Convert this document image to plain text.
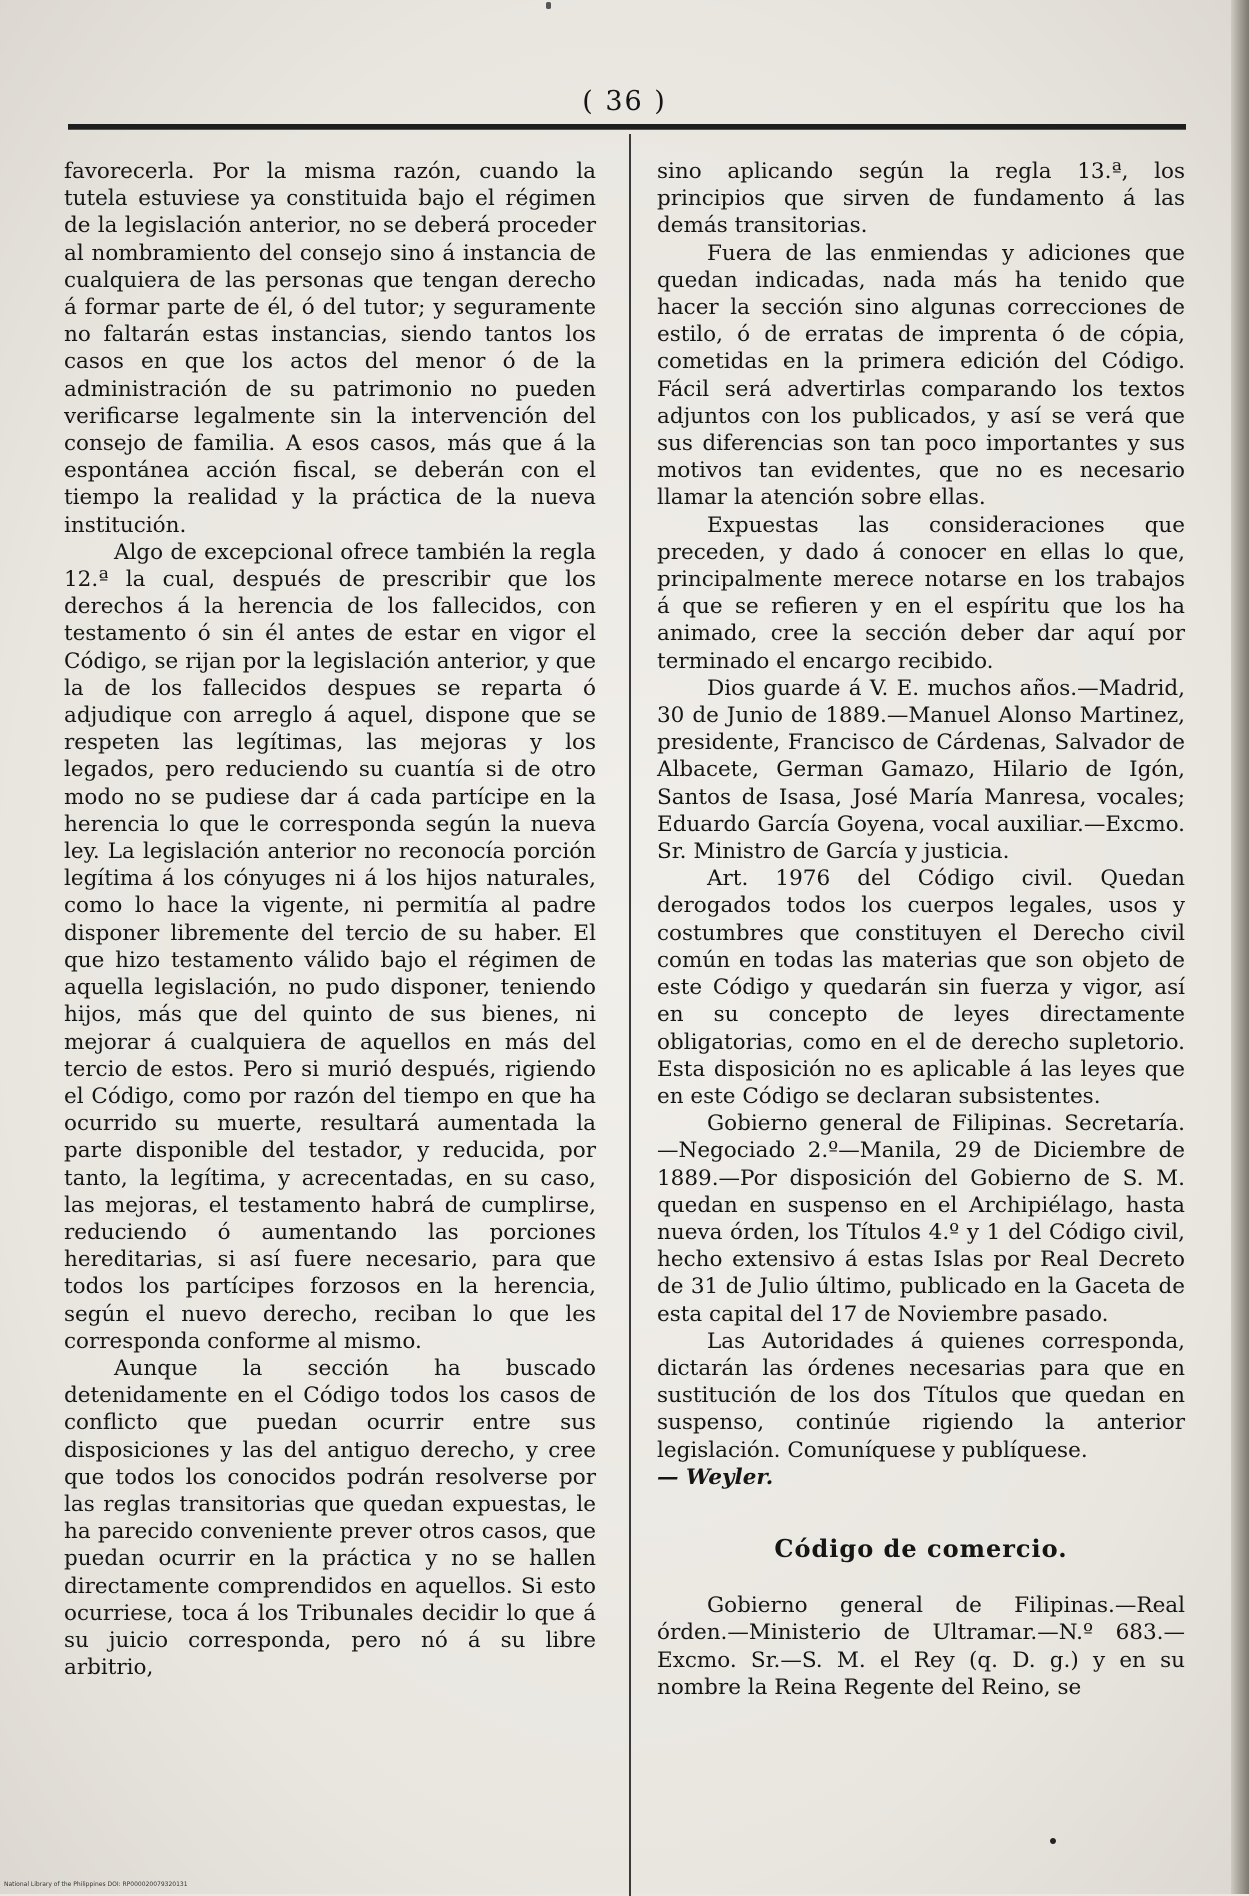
( 36 )

favorecerla. Por la misma razón, cuando la tutela estuviese ya constituida bajo el régimen de la legislación anterior, no se deberá proceder al nombramiento del consejo sino á instancia de cualquiera de las personas que tengan derecho á formar parte de él, ó del tutor; y seguramente no faltarán estas instancias, siendo tantos los casos en que los actos del menor ó de la administración de su patrimonio no pueden verificarse legalmente sin la intervención del consejo de familia. A esos casos, más que á la espontánea acción fiscal, se deberán con el tiempo la realidad y la práctica de la nueva institución.

Algo de excepcional ofrece también la regla 12.ª la cual, después de prescribir que los derechos á la herencia de los fallecidos, con testamento ó sin él antes de estar en vigor el Código, se rijan por la legislación anterior, y que la de los fallecidos despues se reparta ó adjudique con arreglo á aquel, dispone que se respeten las legítimas, las mejoras y los legados, pero reduciendo su cuantía si de otro modo no se pudiese dar á cada partícipe en la herencia lo que le corresponda según la nueva ley. La legislación anterior no reconocía porción legítima á los cónyuges ni á los hijos naturales, como lo hace la vigente, ni permitía al padre disponer libremente del tercio de su haber. El que hizo testamento válido bajo el régimen de aquella legislación, no pudo disponer, teniendo hijos, más que del quinto de sus bienes, ni mejorar á cualquiera de aquellos en más del tercio de estos. Pero si murió después, rigiendo el Código, como por razón del tiempo en que ha ocurrido su muerte, resultará aumentada la parte disponible del testador, y reducida, por tanto, la legítima, y acrecentadas, en su caso, las mejoras, el testamento habrá de cumplirse, reduciendo ó aumentando las porciones hereditarias, si así fuere necesario, para que todos los partícipes forzosos en la herencia, según el nuevo derecho, reciban lo que les corresponda conforme al mismo.

Aunque la sección ha buscado detenidamente en el Código todos los casos de conflicto que puedan ocurrir entre sus disposiciones y las del antiguo derecho, y cree que todos los conocidos podrán resolverse por las reglas transitorias que quedan expuestas, le ha parecido conveniente prever otros casos, que puedan ocurrir en la práctica y no se hallen directamente comprendidos en aquellos. Si esto ocurriese, toca á los Tribunales decidir lo que á su juicio corresponda, pero nó á su libre arbitrio,

sino aplicando según la regla 13.ª, los principios que sirven de fundamento á las demás transitorias.

Fuera de las enmiendas y adiciones que quedan indicadas, nada más ha tenido que hacer la sección sino algunas correcciones de estilo, ó de erratas de imprenta ó de cópia, cometidas en la primera edición del Código. Fácil será advertirlas comparando los textos adjuntos con los publicados, y así se verá que sus diferencias son tan poco importantes y sus motivos tan evidentes, que no es necesario llamar la atención sobre ellas.

Expuestas las consideraciones que preceden, y dado á conocer en ellas lo que, principalmente merece notarse en los trabajos á que se refieren y en el espíritu que los ha animado, cree la sección deber dar aquí por terminado el encargo recibido.

Dios guarde á V. E. muchos años.—Madrid, 30 de Junio de 1889.—Manuel Alonso Martinez, presidente, Francisco de Cárdenas, Salvador de Albacete, German Gamazo, Hilario de Igón, Santos de Isasa, José María Manresa, vocales; Eduardo García Goyena, vocal auxiliar.—Excmo. Sr. Ministro de García y justicia.

Art. 1976 del Código civil. Quedan derogados todos los cuerpos legales, usos y costumbres que constituyen el Derecho civil común en todas las materias que son objeto de este Código y quedarán sin fuerza y vigor, así en su concepto de leyes directamente obligatorias, como en el de derecho supletorio. Esta disposición no es aplicable á las leyes que en este Código se declaran subsistentes.

Gobierno general de Filipinas. Secretaría.—Negociado 2.º—Manila, 29 de Diciembre de 1889.—Por disposición del Gobierno de S. M. quedan en suspenso en el Archipiélago, hasta nueva órden, los Títulos 4.º y 1 del Código civil, hecho extensivo á estas Islas por Real Decreto de 31 de Julio último, publicado en la Gaceta de esta capital del 17 de Noviembre pasado.

Las Autoridades á quienes corresponda, dictarán las órdenes necesarias para que en sustitución de los dos Títulos que quedan en suspenso, continúe rigiendo la anterior legislación. Comuníquese y publíquese.

— Weyler.

Código de comercio.

Gobierno general de Filipinas.—Real órden.—Ministerio de Ultramar.—N.º 683.—Excmo. Sr.—S. M. el Rey (q. D. g.) y en su nombre la Reina Regente del Reino, se

National Library of the Philippines DOI: RP000020079320131
